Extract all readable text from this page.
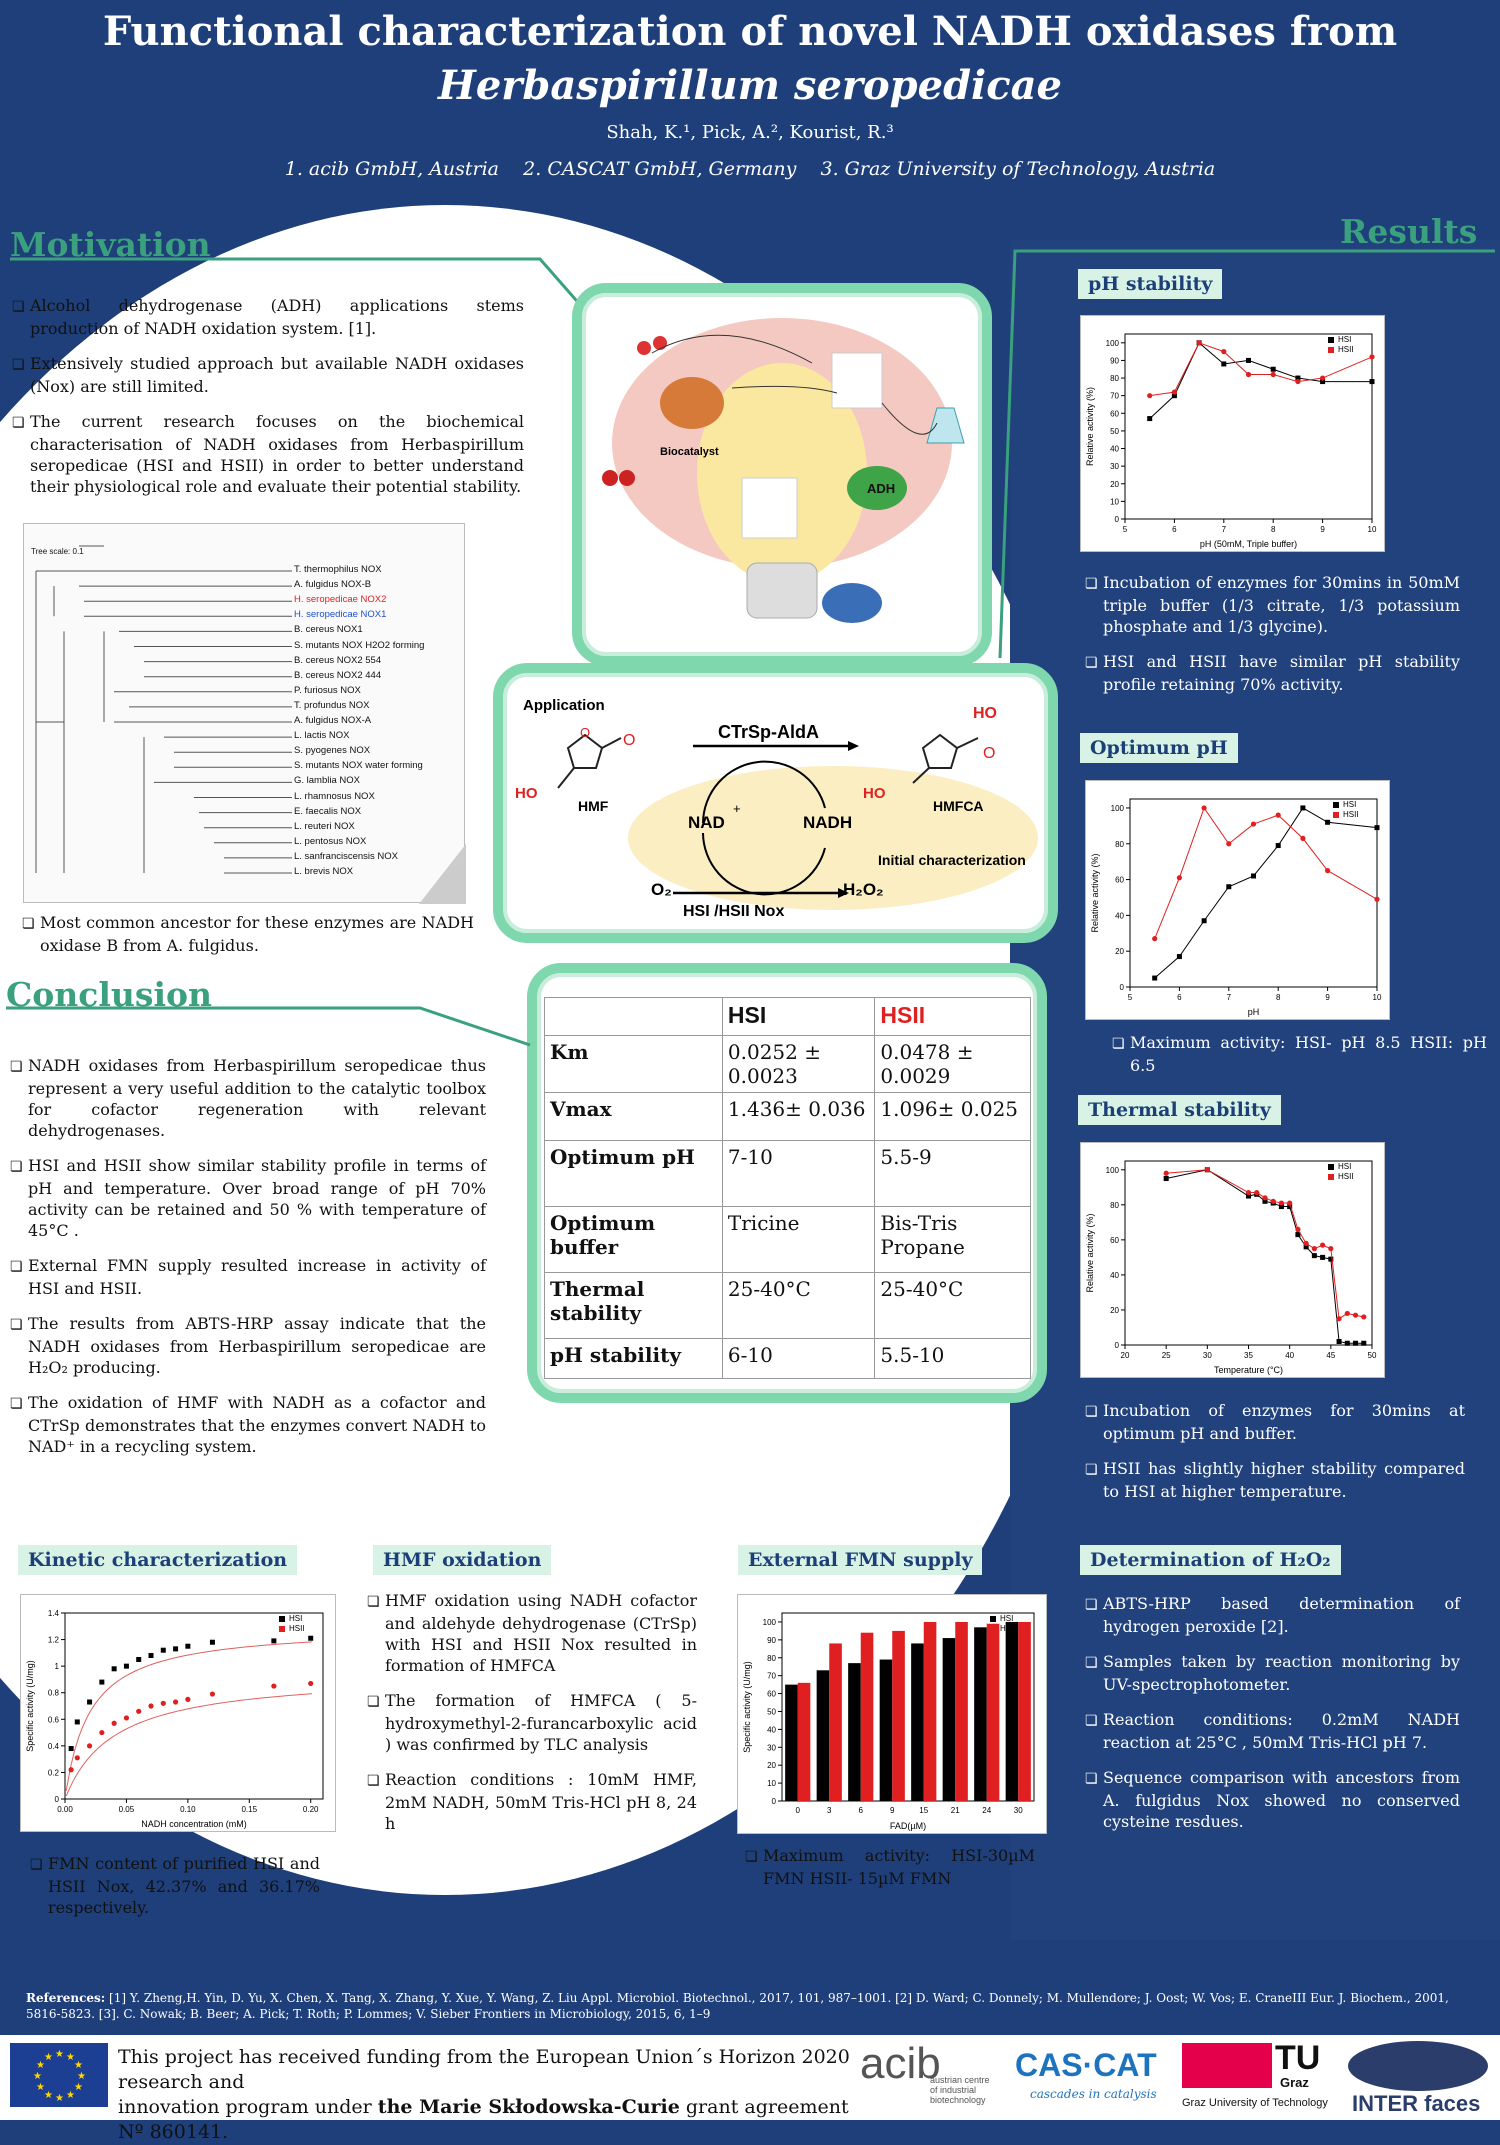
Functional characterization of novel NADH oxidases from
Herbaspirillum seropedicae
Shah, K.¹, Pick, A.², Kourist, R.³
1. acib GmbH, Austria    2. CASCAT GmbH, Germany    3. Graz University of Technology, Austria
Motivation

❏ Alcohol dehydrogenase (ADH) applications stems production of NADH oxidation system. [1].

❏ Extensively studied approach but available NADH oxidases (Nox) are still limited.

❏ The current research focuses on the biochemical characterisation of NADH oxidases from Herbaspirillum seropedicae (HSI and HSII) in order to better understand their physiological role and evaluate their potential stability.

Tree scale: 0.1
T. thermophilus NOX
A. fulgidus NOX-B
H. seropedicae NOX2
H. seropedicae NOX1
B. cereus NOX1
S. mutants NOX H2O2 forming
B. cereus NOX2 554
B. cereus NOX2 444
P. furiosus NOX
T. profundus NOX
A. fulgidus NOX-A
L. lactis NOX
S. pyogenes NOX
S. mutants NOX water forming
G. lamblia NOX
L. rhamnosus NOX
E. faecalis NOX
L. reuteri NOX
L. pentosus NOX
L. sanfranciscensis NOX
L. brevis NOX

❏ Most common ancestor for these enzymes are NADH oxidase B from A. fulgidus.

Biocatalyst
ADH
Application
O O
HO
HMF
CTrSp-AldA
NAD
+
NADH
O₂	H₂O₂
HSI /HSII Nox
Initial characterization
HO
O
HO
HMFCA
	HSI	HSII
Km	0.0252 ± 0.0023	0.0478 ± 0.0029
Vmax	1.436± 0.036	1.096± 0.025
Optimum pH	7-10	5.5-9
Optimum buffer	Tricine	Bis-Tris Propane
Thermal stability	25-40°C	25-40°C
pH stability	6-10	5.5-10
Conclusion

❏ NADH oxidases from Herbaspirillum seropedicae thus represent a very useful addition to the catalytic toolbox for cofactor regeneration with relevant dehydrogenases.

❏ HSI and HSII show similar stability profile in terms of pH and temperature. Over broad range of pH 70% activity can be retained and 50 % with temperature of 45°C .

❏ External FMN supply resulted increase in activity of HSI and HSII.

❏ The results from ABTS-HRP assay indicate that the NADH oxidases from Herbaspirillum seropedicae are H₂O₂ producing.

❏ The oxidation of HMF with NADH as a cofactor and CTrSp demonstrates that the enzymes convert NADH to NAD⁺ in a recycling system.

Results
pH stability
0
10
20
30
40
50
60
70
80
90
100
5	6	7	8	9	10
pH (50mM, Triple buffer)
Relative activity (%)
HSI
HSII

❏ Incubation of enzymes for 30mins in 50mM triple buffer (1/3 citrate, 1/3 potassium phosphate and 1/3 glycine).

❏ HSI and HSII have similar pH stability profile retaining 70% activity.

Optimum pH
0
20
40
60
80
100
5	6	7	8	9	10
pH
Relative activity (%)
HSI
HSII

❏ Maximum activity: HSI- pH 8.5 HSII: pH 6.5

Thermal stability
0
20
40
60
80
100
20	25	30	35	40	45	50
Temperature (°C)
Relative activity (%)
HSI
HSII

❏ Incubation of enzymes for 30mins at optimum pH and buffer.

❏ HSII has slightly higher stability compared to HSI at higher temperature.

Determination of H₂O₂

❏ ABTS-HRP based determination of hydrogen peroxide [2].

❏ Samples taken by reaction monitoring by UV-spectrophotometer.

❏ Reaction conditions: 0.2mM NADH reaction at 25°C , 50mM Tris-HCl pH 7.

❏ Sequence comparison with ancestors from A. fulgidus Nox showed no conserved cysteine resdues.

Kinetic characterization
0
0.2
0.4
0.6
0.8
1
1.2
1.4
0.00	0.05	0.10	0.15	0.20
NADH concentration (mM)
Specific activity (U/mg)
HSI
HSII

❏ FMN content of purified HSI and HSII Nox, 42.37% and 36.17% respectively.

HMF oxidation

❏ HMF oxidation using NADH cofactor and aldehyde dehydrogenase (CTrSp) with HSI and HSII Nox resulted in formation of HMFCA

❏ The formation of HMFCA ( 5-hydroxymethyl-2-furancarboxylic acid ) was confirmed by TLC analysis

❏ Reaction conditions : 10mM HMF, 2mM NADH, 50mM Tris-HCl pH 8, 24 h

External FMN supply
0
10
20
30
40
50
60
70
80
90
100
0	3	6	9	15	21	24	30
FAD(µM)
Specific activity (U/mg)
HSI
HSII

❏ Maximum activity: HSI-30µM FMN HSII- 15µM FMN

References: [1] Y. Zheng,H. Yin, D. Yu, X. Chen, X. Tang, X. Zhang, Y. Xue, Y. Wang, Z. Liu Appl. Microbiol. Biotechnol., 2017, 101, 987–1001. [2] D. Ward; C. Donnely; M. Mullendore; J. Oost; W. Vos; E. CraneIII Eur. J. Biochem., 2001, 5816-5823. [3]. C. Nowak; B. Beer; A. Pick; T. Roth; P. Lommes; V. Sieber Frontiers in Microbiology, 2015, 6, 1–9
★
★
★
★
★
★
★
★
★ ★ ★
★ This project has received funding from the European Union´s Horizon 2020 research and
innovation program under the Marie Skłodowska-Curie grant agreement Nº 860141.
acib
austrian centre
of industrial
biotechnology
CAS·CAT
cascades in catalysis
TU
Graz
Graz University of Technology INTER faces
